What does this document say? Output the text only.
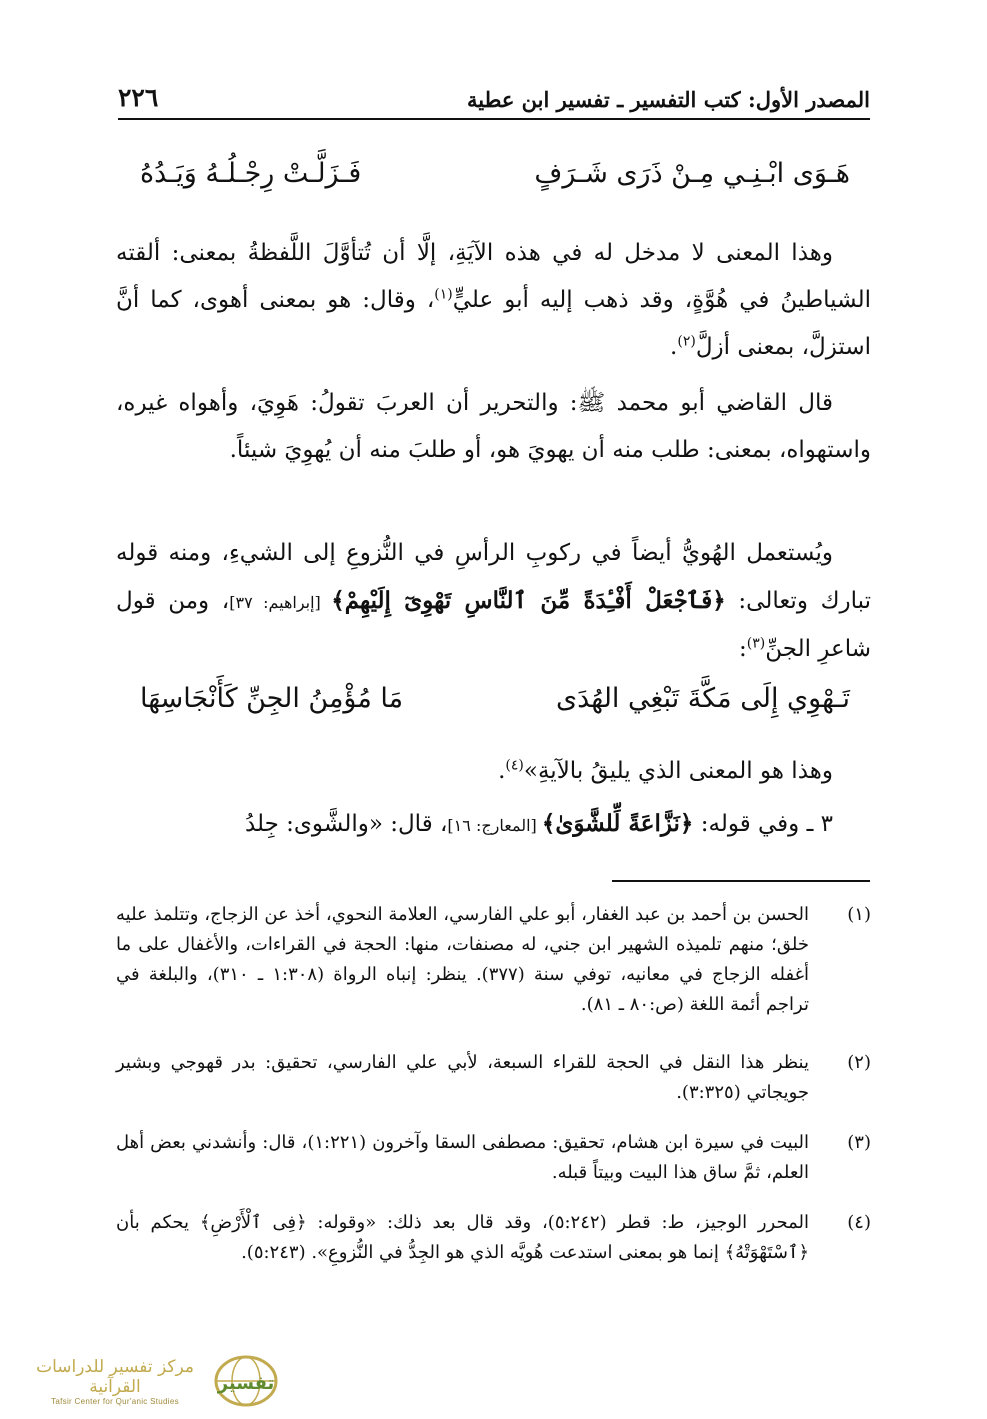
المصدر الأول: كتب التفسير ـ تفسير ابن عطية
٢٢٦
هَـوَى ابْـنِـي مِـنْ ذَرَى شَـرَفٍ
فَـزَلَّـتْ رِجْـلُـهُ وَيَـدُهُ

وهذا المعنى لا مدخل له في هذه الآيَةِ، إلَّا أن تُتأوَّلَ اللَّفظةُ بمعنى: ألقته الشياطينُ في هُوَّةٍ، وقد ذهب إليه أبو عليٍّ$^{(١)}$، وقال: هو بمعنى أهوى، كما أنَّ استزلَّ، بمعنى أزلَّ$^{(٢)}$.

قال القاضي أبو محمد ﷺ: والتحرير أن العربَ تقولُ: هَوِيَ، وأهواه غيره، واستهواه، بمعنى: طلب منه أن يهويَ هو، أو طلبَ منه أن يُهوِيَ شيئاً.

ويُستعمل الهُويُّ أيضاً في ركوبِ الرأسِ في النُّزوعِ إلى الشيءِ، ومنه قوله تبارك وتعالى: ﴿فَٱجْعَلْ أَفْـِٔدَةً مِّنَ ٱلنَّاسِ تَهْوِىٓ إِلَيْهِمْ﴾ [إبراهيم: ٣٧]، ومن قول شاعرِ الجنِّ$^{(٣)}$:

تَـهْوِي إِلَى مَكَّةَ تَبْغِي الهُدَى
مَا مُؤْمِنُ الجِنِّ كَأَنْجَاسِهَا

وهذا هو المعنى الذي يليقُ بالآيةِ»$^{(٤)}$.

٣ ـ وفي قوله: ﴿نَزَّاعَةً لِّلشَّوَىٰ﴾ [المعارج: ١٦]، قال: «والشَّوى: جِلدُ

(١)
الحسن بن أحمد بن عبد الغفار، أبو علي الفارسي، العلامة النحوي، أخذ عن الزجاج، وتتلمذ عليه خلق؛ منهم تلميذه الشهير ابن جني، له مصنفات، منها: الحجة في القراءات، والأغفال على ما أغفله الزجاج في معانيه، توفي سنة (٣٧٧). ينظر: إنباه الرواة (١:٣٠٨ ـ ٣١٠)، والبلغة في تراجم أئمة اللغة (ص:٨٠ ـ ٨١).
(٢)
ينظر هذا النقل في الحجة للقراء السبعة، لأبي علي الفارسي، تحقيق: بدر قهوجي وبشير جويجاتي (٣:٣٢٥).
(٣)
البيت في سيرة ابن هشام، تحقيق: مصطفى السقا وآخرون (١:٢٢١)، قال: وأنشدني بعض أهل العلم، ثمَّ ساق هذا البيت وبيتاً قبله.
(٤)
المحرر الوجيز، ط: قطر (٥:٢٤٢)، وقد قال بعد ذلك: «وقوله: ﴿فِى ٱلْأَرْضِ﴾ يحكم بأن ﴿ٱسْتَهْوَتْهُ﴾ إنما هو بمعنى استدعت هُويَّه الذي هو الجِدُّ في النُّزوعِ». (٥:٢٤٣).
مركز تفسير للدراسات القرآنية
Tafsir Center for Qur'anic Studies
تفسير
